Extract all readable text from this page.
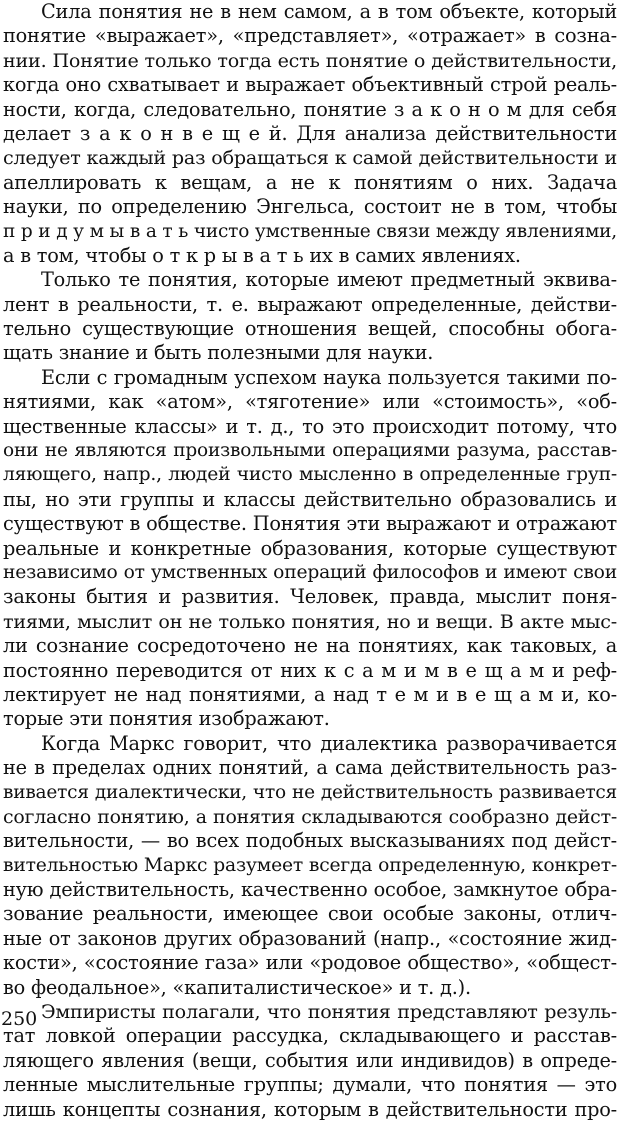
Сила понятия не в нем самом, а в том объекте, который
понятие «выражает», «представляет», «отражает» в созна-
нии. Понятие только тогда есть понятие о действительности,
когда оно схватывает и выражает объективный строй реаль-
ности, когда, следовательно, понятие з а к о н о м для себя
делает з а к о н в е щ е й. Для анализа действительности
следует каждый раз обращаться к самой действительности и
апеллировать к вещам, а не к понятиям о них. Задача
науки, по определению Энгельса, состоит не в том, чтобы
п р и д у м ы в а т ь чисто умственные связи между явлениями,
а в том, чтобы о т к р ы в а т ь их в самих явлениях.
Только те понятия, которые имеют предметный эквива-
лент в реальности, т. е. выражают определенные, действи-
тельно существующие отношения вещей, способны обога-
щать знание и быть полезными для науки.
Если с громадным успехом наука пользуется такими по-
нятиями, как «атом», «тяготение» или «стоимость», «об-
щественные классы» и т. д., то это происходит потому, что
они не являются произвольными операциями разума, расстав-
ляющего, напр., людей чисто мысленно в определенные груп-
пы, но эти группы и классы действительно образовались и
существуют в обществе. Понятия эти выражают и отражают
реальные и конкретные образования, которые существуют
независимо от умственных операций философов и имеют свои
законы бытия и развития. Человек, правда, мыслит поня-
тиями, мыслит он не только понятия, но и вещи. В акте мыс-
ли сознание сосредоточено не на понятиях, как таковых, а
постоянно переводится от них к с а м и м в е щ а м и реф-
лектирует не над понятиями, а над т е м и в е щ а м и, ко-
торые эти понятия изображают.
Когда Маркс говорит, что диалектика разворачивается
не в пределах одних понятий, а сама действительность раз-
вивается диалектически, что не действительность развивается
согласно понятию, а понятия складываются сообразно дейст-
вительности, — во всех подобных высказываниях под дейст-
вительностью Маркс разумеет всегда определенную, конкрет-
ную действительность, качественно особое, замкнутое обра-
зование реальности, имеющее свои особые законы, отлич-
ные от законов других образований (напр., «состояние жид-
кости», «состояние газа» или «родовое общество», «общест-
во феодальное», «капиталистическое» и т. д.).
Эмпиристы полагали, что понятия представляют резуль-
тат ловкой операции рассудка, складывающего и расстав-
ляющего явления (вещи, события или индивидов) в опреде-
ленные мыслительные группы; думали, что понятия — это
лишь концепты сознания, которым в действительности про-
250
